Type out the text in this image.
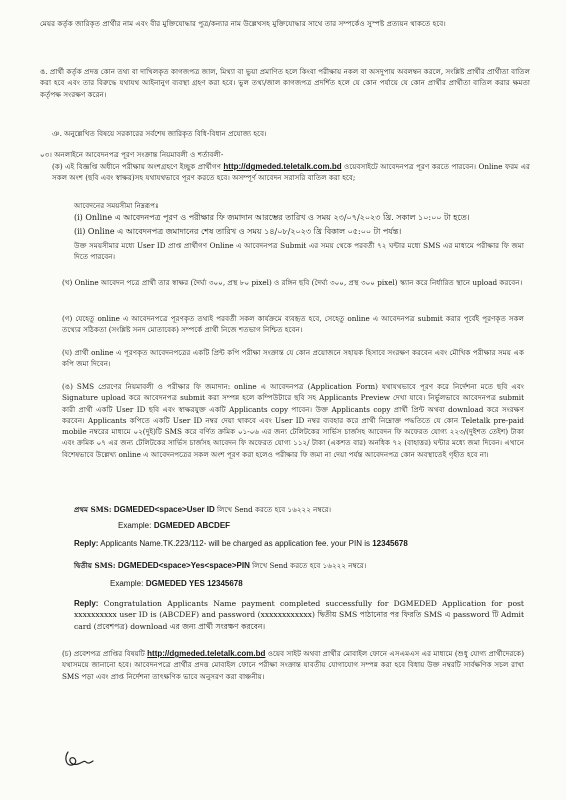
মেয়র কর্তৃক জারিকৃত প্রার্থীর নাম এবং বীর মুক্তিযোদ্ধার পুত্র/কন্যার নাম উল্লেখসহ মুক্তিযোদ্ধার সাথে তার সম্পর্কেও সুস্পষ্ট প্রত্যয়ন থাকতে হবে।

ঙ. প্রার্থী কর্তৃক প্রদত্ত কোন তথ্য বা দাখিলকৃত কাগজপত্র জাল, মিথ্যা বা ভুয়া প্রমাণিত হলে কিংবা পরীক্ষায় নকল বা অসদুপায় অবলম্বন করলে, সংশ্লিষ্ট প্রার্থীর প্রার্থীতা বাতিল করা হবে এবং তার বিরুদ্ধে যথাযথ আইনানুগ ব্যবস্থা গ্রহণ করা হবে। ভুল তথ্য/জাল কাগজপত্র প্রদর্শিত হলে যে কোন পর্যায়ে যে কোন প্রার্থীর প্রার্থীতা বাতিল করার ক্ষমতা কর্তৃপক্ষ সংরক্ষণ করেন।

ঞ. অনুল্লেখিত বিষয়ে সরকারের সর্বশেষ জারিকৃত বিধি-বিধান প্রযোজ্য হবে।

০৩। অনলাইনে আবেদনপত্র পূরণ সংক্রান্ত নিয়মাবলী ও শর্তাবলী-

(ক) এই বিজ্ঞপ্তি অধীনে পরীক্ষায় অংশগ্রহণে ইচ্ছুক প্রার্থীগণ http://dgmeded.teletalk.com.bd ওয়েবসাইটে আবেদনপত্র পূরণ করতে পারবেন। Online ফরম এর সকল অংশ (ছবি এবং স্বাক্ষর)সহ যথাযথভাবে পূরণ করতে হবে। অসম্পূর্ণ আবেদন সরাসরি বাতিল করা হবে;

আবেদনের সময়সীমা নিম্নরূপঃ

(i) Online এ আবেদনপত্র পূরণ ও পরীক্ষার ফি জমাদান আরম্ভের তারিখ ও সময় ২৩/০৭/২০২৩ খ্রি. সকাল ১০:০০ টা হতে।

(ii) Online এ আবেদনপত্র জমাদানের শেষ তারিখ ও সময় ১৪/০৮/২০২৩ খ্রি বিকাল ০৫:০০ টা পর্যন্ত।

উক্ত সময়সীমার মধ্যে User ID প্রাপ্ত প্রার্থীগণ Online এ আবেদনপত্র Submit এর সময় থেকে পরবর্তী ৭২ ঘন্টার মধ্যে SMS এর মাধ্যমে পরীক্ষার ফি জমা দিতে পারবেন।

(খ) Online আবেদন পত্রে প্রার্থী তার স্বাক্ষর (দৈর্ঘ্য ৩০০, প্রস্থ ৮০ pixel) ও রঙ্গিন ছবি (দৈর্ঘ্য ৩০০, প্রস্থ ৩০০ pixel) স্ক্যান করে নির্ধারিত স্থানে upload করবেন।

(গ) যেহেতু online এ আবেদনপত্রে পূরণকৃত তথ্যই পরবর্তী সকল কার্যক্রমে ব্যবহৃত হবে, সেহেতু online এ আবেদনপত্র submit করার পূর্বেই পূরণকৃত সকল তথ্যের সঠিকতা (সংশ্লিষ্ট সনদ মোতাবেক) সম্পর্কে প্রার্থী নিজে শতভাগ নিশ্চিত হবেন।

(ঘ) প্রার্থী online এ পূরণকৃত আবেদনপত্রের একটি প্রিন্ট কপি পরীক্ষা সংক্রান্ত যে কোন প্রয়োজনে সহায়ক হিসাবে সংরক্ষণ করবেন এবং মৌখিক পরীক্ষার সময় এক কপি জমা দিবেন।

(ঙ) SMS প্রেরণের নিয়মাবলী ও পরীক্ষার ফি জমাদান: online এ আবেদনপত্র (Application Form) যথাযথভাবে পূরণ করে নির্দেশনা মতে ছবি এবং Signature upload করে আবেদনপত্র submit করা সম্পন্ন হলে কম্পিউটারে ছবি সহ Applicants Preview দেখা যাবে। নির্ভুলভাবে আবেদনপত্র submit কারী প্রার্থী একটি User ID ছবি এবং স্বাক্ষরযুক্ত একটি Applicants copy পাবেন। উক্ত Applicants copy প্রার্থী প্রিন্ট অথবা download করে সংরক্ষণ করবেন। Applicants কপিতে একটি User ID নম্বর দেয়া থাকবে এবং User ID নম্বর ব্যবহার করে প্রার্থী নিম্নোক্ত পদ্ধতিতে যে কোন Teletalk pre-paid mobile নম্বরের মাধ্যমে ০২(দুই)টি SMS করে বর্ণিত ক্রমিক ০১-০৬ এর জন্য টেলিটকের সার্ভিস চার্জসহ আবেদন ফি অফেরত যোগ্য ২২৩/(দুইশত তেইশ) টাকা এবং ক্রমিক ০৭ এর জন্য টেলিটকের সার্ভিস চার্জসহ আবেদন ফি অফেরত যোগ্য ১১২/ টাকা (একশত বার) অনধিক ৭২ (বাহাত্তর) ঘন্টার মধ্যে জমা দিবেন। এখানে বিশেষভাবে উল্লেখ্য online এ আবেদনপত্রের সকল অংশ পূরণ করা হলেও পরীক্ষার ফি জমা না দেয়া পর্যন্ত আবেদনপত্র কোন অবস্থাতেই গৃহীত হবে না।

প্রথম SMS: DGMEDED<space>User ID লিখে Send করতে হবে ১৬২২২ নম্বরে।

Example: DGMEDED ABCDEF

Reply: Applicants Name.TK.223/112- will be charged as application fee. your PIN is 12345678

দ্বিতীয় SMS: DGMEDED<space>Yes<space>PIN লিখে Send করতে হবে ১৬২২২ নম্বরে।

Example: DGMEDED YES 12345678

Reply: Congratulation Applicants Name payment completed successfully for DGMEDED Application for post xxxxxxxxxx user ID is (ABCDEF) and password (xxxxxxxxxxxx) দ্বিতীয় SMS পাঠানোর পর ফিরতি SMS এ password টি Admit card (প্রবেশপত্র) download এর জন্য প্রার্থী সংরক্ষণ করবেন।

(চ) প্রবেশপত্র প্রাপ্তির বিষয়টি http://dgmeded.teletalk.com.bd ওয়েব সাইট অথবা প্রার্থীর মোবাইল ফোনে এসএমএস এর মাধ্যমে (শুধু যোগ্য প্রার্থীদেরকে) যথাসময়ে জানানো হবে। আবেদনপত্রে প্রার্থীর প্রদত্ত মোবাইল ফোনে পরীক্ষা সংক্রান্ত যাবতীয় যোগাযোগ সম্পন্ন করা হবে বিধায় উক্ত নম্বরটি সার্বক্ষণিক সচল রাখা SMS পড়া এবং প্রাপ্ত নির্দেশনা তাৎক্ষণিক ভাবে অনুসরণ করা বাঞ্চনীয়।
